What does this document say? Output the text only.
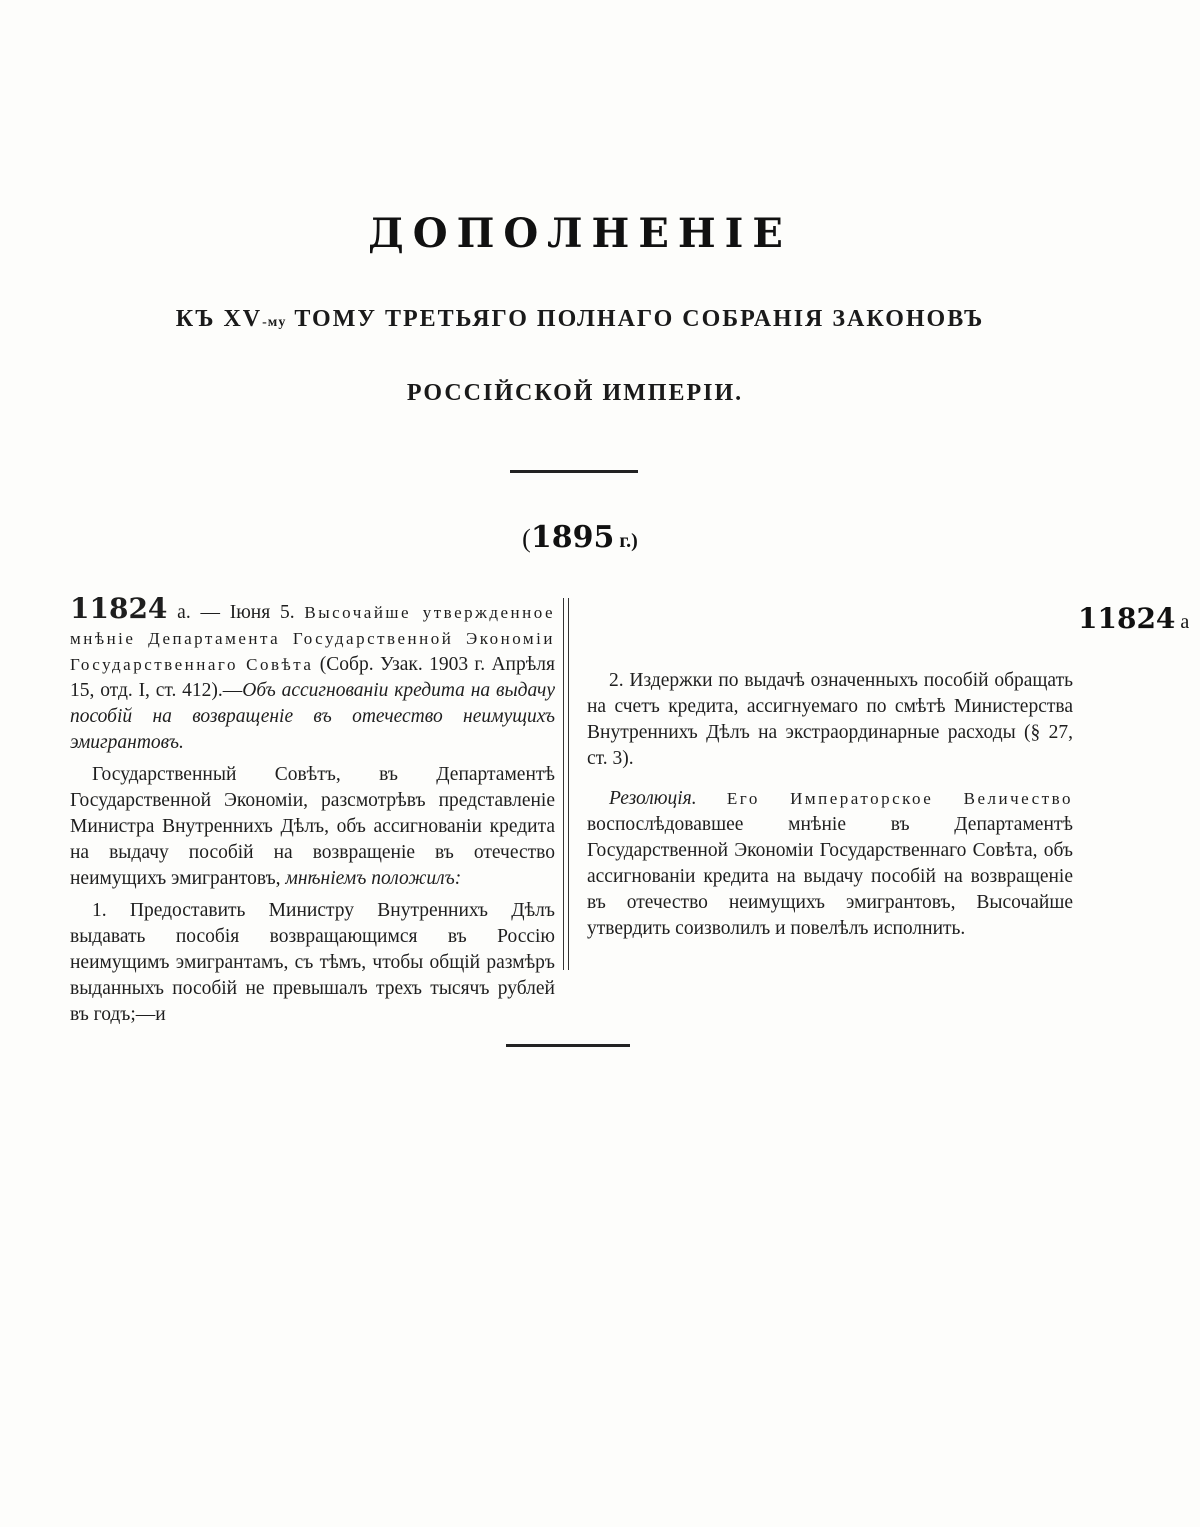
ДОПОЛНЕНІЕ
КЪ XV-му ТОМУ ТРЕТЬЯГО ПОЛНАГО СОБРАНІЯ ЗАКОНОВЪ
РОССІЙСКОЙ ИМПЕРІИ.
(1895 г.)

11824 а. — Іюня 5. Высочайше утвержденное мнѣніе Департамента Государственной Экономіи Государственнаго Совѣта (Собр. Узак. 1903 г. Апрѣля 15, отд. I, ст. 412).—Объ ассигнованіи кредита на выдачу пособій на возвращеніе въ отечество неимущихъ эмигрантовъ.

Государственный Совѣтъ, въ Департаментѣ Государственной Экономіи, разсмотрѣвъ представленіе Министра Внутреннихъ Дѣлъ, объ ассигнованіи кредита на выдачу пособій на возвращеніе въ отечество неимущихъ эмигрантовъ, мнѣніемъ положилъ:

1. Предоставить Министру Внутреннихъ Дѣлъ выдавать пособія возвращающимся въ Россію неимущимъ эмигрантамъ, съ тѣмъ, чтобы общій размѣръ выданныхъ пособій не превышалъ трехъ тысячъ рублей въ годъ;—и

2. Издержки по выдачѣ означенныхъ пособій обращать на счетъ кредита, ассигнуемаго по смѣтѣ Министерства Внутреннихъ Дѣлъ на экстраординарные расходы (§ 27, ст. 3).

Резолюція. Его Императорское Величество воспослѣдовавшее мнѣніе въ Департаментѣ Государственной Экономіи Государственнаго Совѣта, объ ассигнованіи кредита на выдачу пособій на возвращеніе въ отечество неимущихъ эмигрантовъ, Высочайше утвердить соизволилъ и повелѣлъ исполнить.

11824 а
